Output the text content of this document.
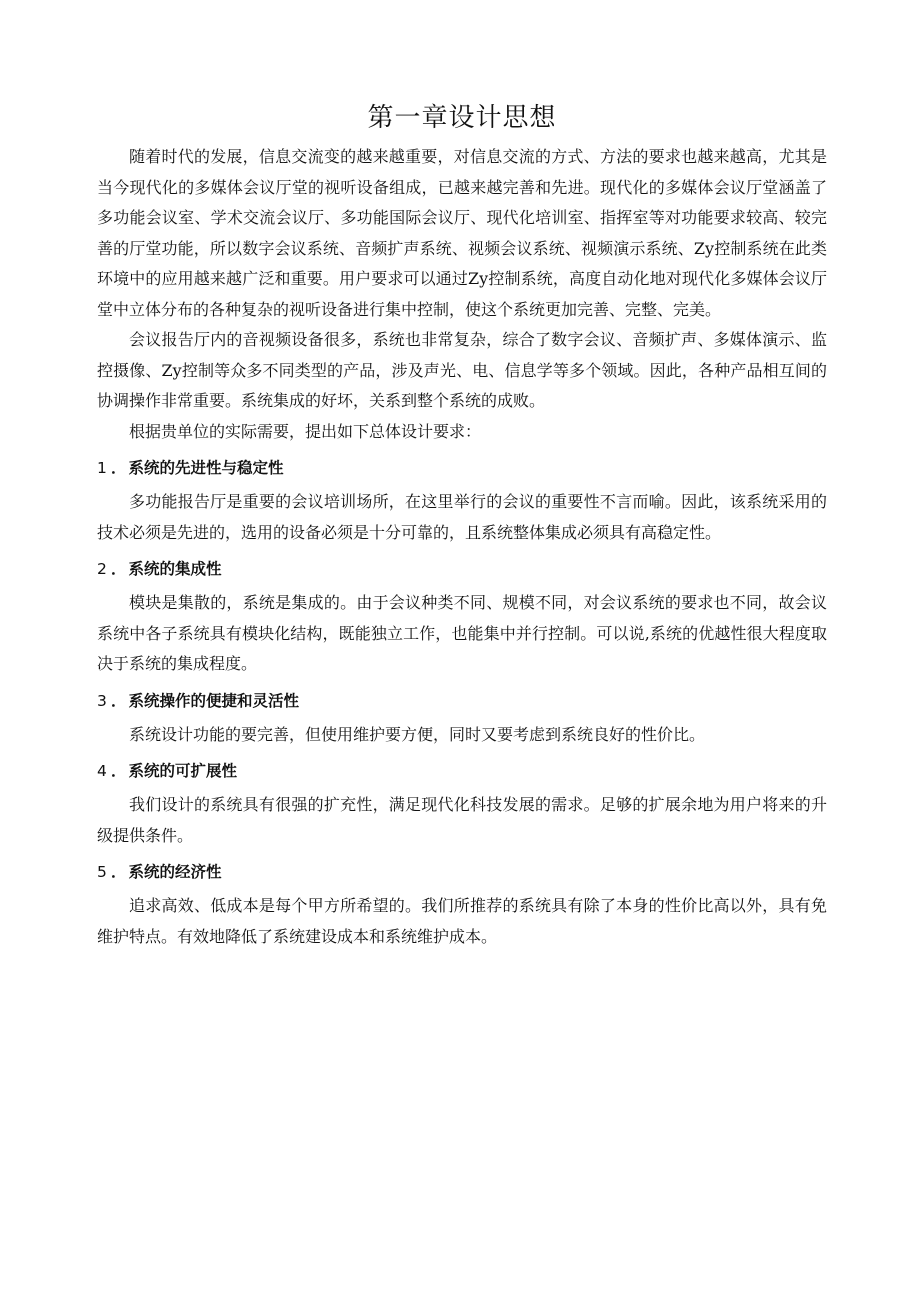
第一章设计思想

随着时代的发展，信息交流变的越来越重要，对信息交流的方式、方法的要求也越来越高，尤其是当今现代化的多媒体会议厅堂的视听设备组成，已越来越完善和先进。现代化的多媒体会议厅堂涵盖了多功能会议室、学术交流会议厅、多功能国际会议厅、现代化培训室、指挥室等对功能要求较高、较完善的厅堂功能，所以数字会议系统、音频扩声系统、视频会议系统、视频演示系统、Zy控制系统在此类环境中的应用越来越广泛和重要。用户要求可以通过Zy控制系统，高度自动化地对现代化多媒体会议厅堂中立体分布的各种复杂的视听设备进行集中控制，使这个系统更加完善、完整、完美。

会议报告厅内的音视频设备很多，系统也非常复杂，综合了数字会议、音频扩声、多媒体演示、监控摄像、Zy控制等众多不同类型的产品，涉及声光、电、信息学等多个领域。因此，各种产品相互间的协调操作非常重要。系统集成的好坏，关系到整个系统的成败。

根据贵单位的实际需要，提出如下总体设计要求：

1 ． 系统的先进性与稳定性

多功能报告厅是重要的会议培训场所，在这里举行的会议的重要性不言而喻。因此，该系统采用的技术必须是先进的，选用的设备必须是十分可靠的，且系统整体集成必须具有高稳定性。

2 ． 系统的集成性

模块是集散的，系统是集成的。由于会议种类不同、规模不同，对会议系统的要求也不同，故会议系统中各子系统具有模块化结构，既能独立工作，也能集中并行控制。可以说,系统的优越性很大程度取决于系统的集成程度。

3 ． 系统操作的便捷和灵活性

系统设计功能的要完善，但使用维护要方便，同时又要考虑到系统良好的性价比。

4 ． 系统的可扩展性

我们设计的系统具有很强的扩充性，满足现代化科技发展的需求。足够的扩展余地为用户将来的升级提供条件。

5 ． 系统的经济性

追求高效、低成本是每个甲方所希望的。我们所推荐的系统具有除了本身的性价比高以外，具有免维护特点。有效地降低了系统建设成本和系统维护成本。
